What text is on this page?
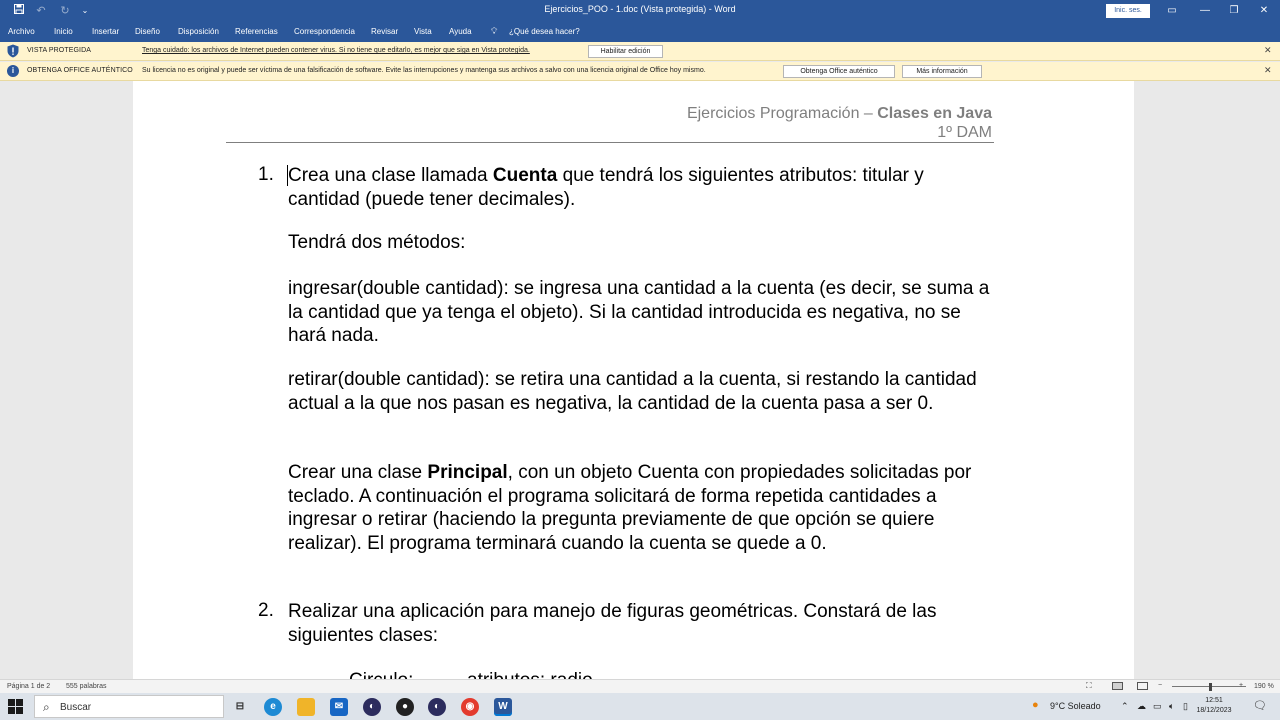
↶	↻	⌄	Ejercicios_POO - 1.doc (Vista protegida) - Word	Inic. ses.	▭	—	❐	✕
Archivo Inicio Insertar Diseño Disposición Referencias Correspondencia Revisar Vista Ayuda 💡︎ ¿Qué desea hacer?
VISTA PROTEGIDA	Tenga cuidado: los archivos de Internet pueden contener virus. Si no tiene que editarlo, es mejor que siga en Vista protegida.	Habilitar edición	✕
i	OBTENGA OFFICE AUTÉNTICO Su licencia no es original y puede ser víctima de una falsificación de software. Evite las interrupciones y mantenga sus archivos a salvo con una licencia original de Office hoy mismo.	Obtenga Office auténtico	Más información	✕
Ejercicios Programación – Clases en Java
1º DAM
1. Crea una clase llamada Cuenta que tendrá los siguientes atributos: titular y cantidad (puede tener decimales).
Tendrá dos métodos:
ingresar(double cantidad): se ingresa una cantidad a la cuenta (es decir, se suma a la cantidad que ya tenga el objeto). Si la cantidad introducida es negativa, no se hará nada.
retirar(double cantidad): se retira una cantidad a la cuenta, si restando la cantidad actual a la que nos pasan es negativa, la cantidad de la cuenta pasa a ser 0.
Crear una clase Principal, con un objeto Cuenta con propiedades solicitadas por teclado. A continuación el programa solicitará de forma repetida cantidades a ingresar o retirar (haciendo la pregunta previamente de que opción se quiere realizar). El programa terminará cuando la cuenta se quede a 0.
2. Realizar una aplicación para manejo de figuras geométricas. Constará de las siguientes clases:
Página 1 de 2 555 palabras	⛶	−	+ 190 %
⌕ Buscar	⊟	e	✉	◐	●	◐	◉	W	● 9°C Soleado ⌃ ☁ ▭ 🔈︎ ▯
12:51
18/12/2023 🗨︎
